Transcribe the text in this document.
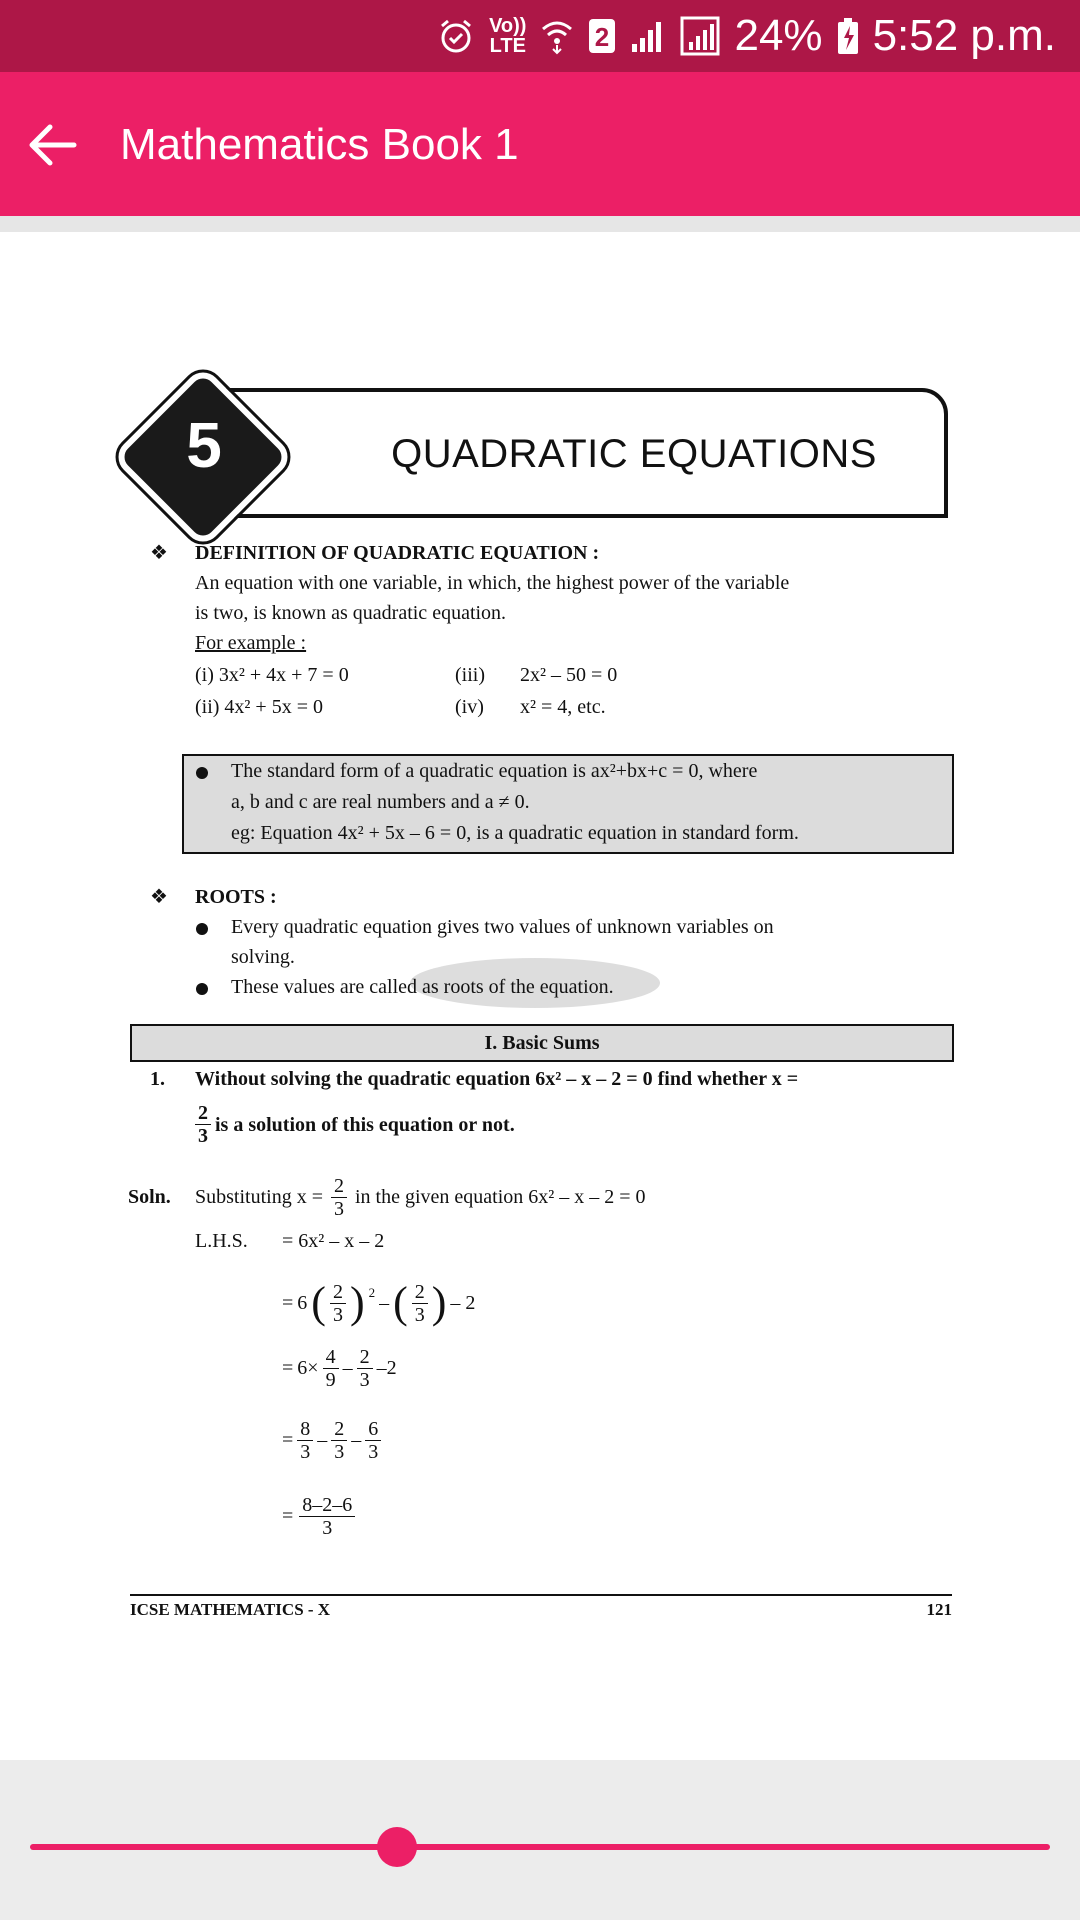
Vo))
LTE	2	24% 5:52 p.m.
Mathematics Book 1
QUADRATIC EQUATIONS
5
❖ DEFINITION OF QUADRATIC EQUATION :
An equation with one variable, in which, the highest power of the variable
is two, is known as quadratic equation.
For example :
(i) 3x² + 4x + 7 = 0	(iii) 2x² – 50 = 0
(ii) 4x² + 5x = 0	(iv) x² = 4, etc.
The standard form of a quadratic equation is ax²+bx+c = 0, where
a, b and c are real numbers and a ≠ 0.
eg: Equation 4x² + 5x – 6 = 0, is a quadratic equation in standard form.
❖ ROOTS :
Every quadratic equation gives two values of unknown variables on
solving.
These values are called as roots of the equation.
I. Basic Sums
1. Without solving the quadratic equation 6x² – x – 2 = 0 find whether x =
$\frac{2}{3}$ is a solution of this equation or not.
Soln. Substituting $x = \frac{2}{3}$ in the given equation 6x² – x – 2 = 0
L.H.S. = 6x² – x – 2
= 6 ( $\frac{2}{3}$ ) $^2$ – ( $\frac{2}{3}$ ) – 2
= $6\times \frac{4}{9} - \frac{2}{3} -2$
= $\frac{8}{3} - \frac{2}{3} - \frac{6}{3}$
= $\frac{8-2-6}{3}$
ICSE MATHEMATICS - X	121
